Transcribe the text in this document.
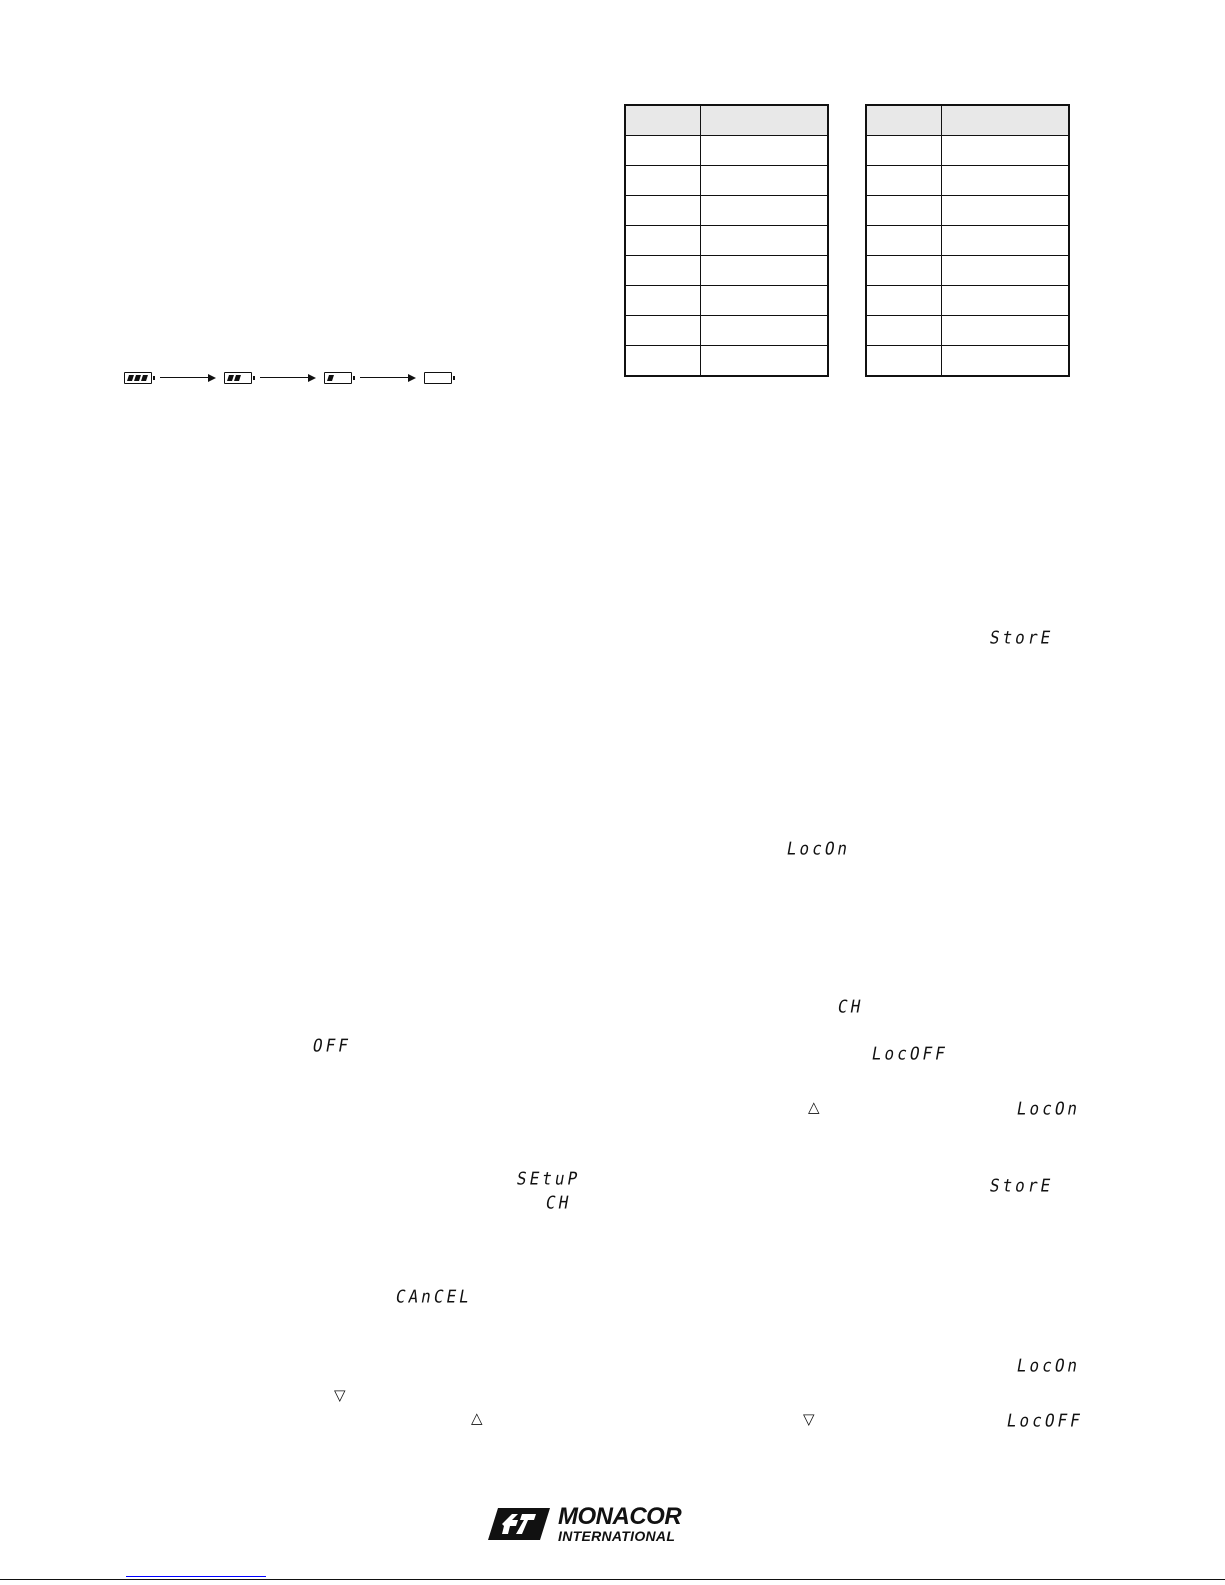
StorE
LocOn
CH
OFF	LocOFF
LocOn
SEtuP
CH
StorE
CAnCEL
LocOn
LocOFF
△
▽
△	▽
MONACOR
INTERNATIONAL
